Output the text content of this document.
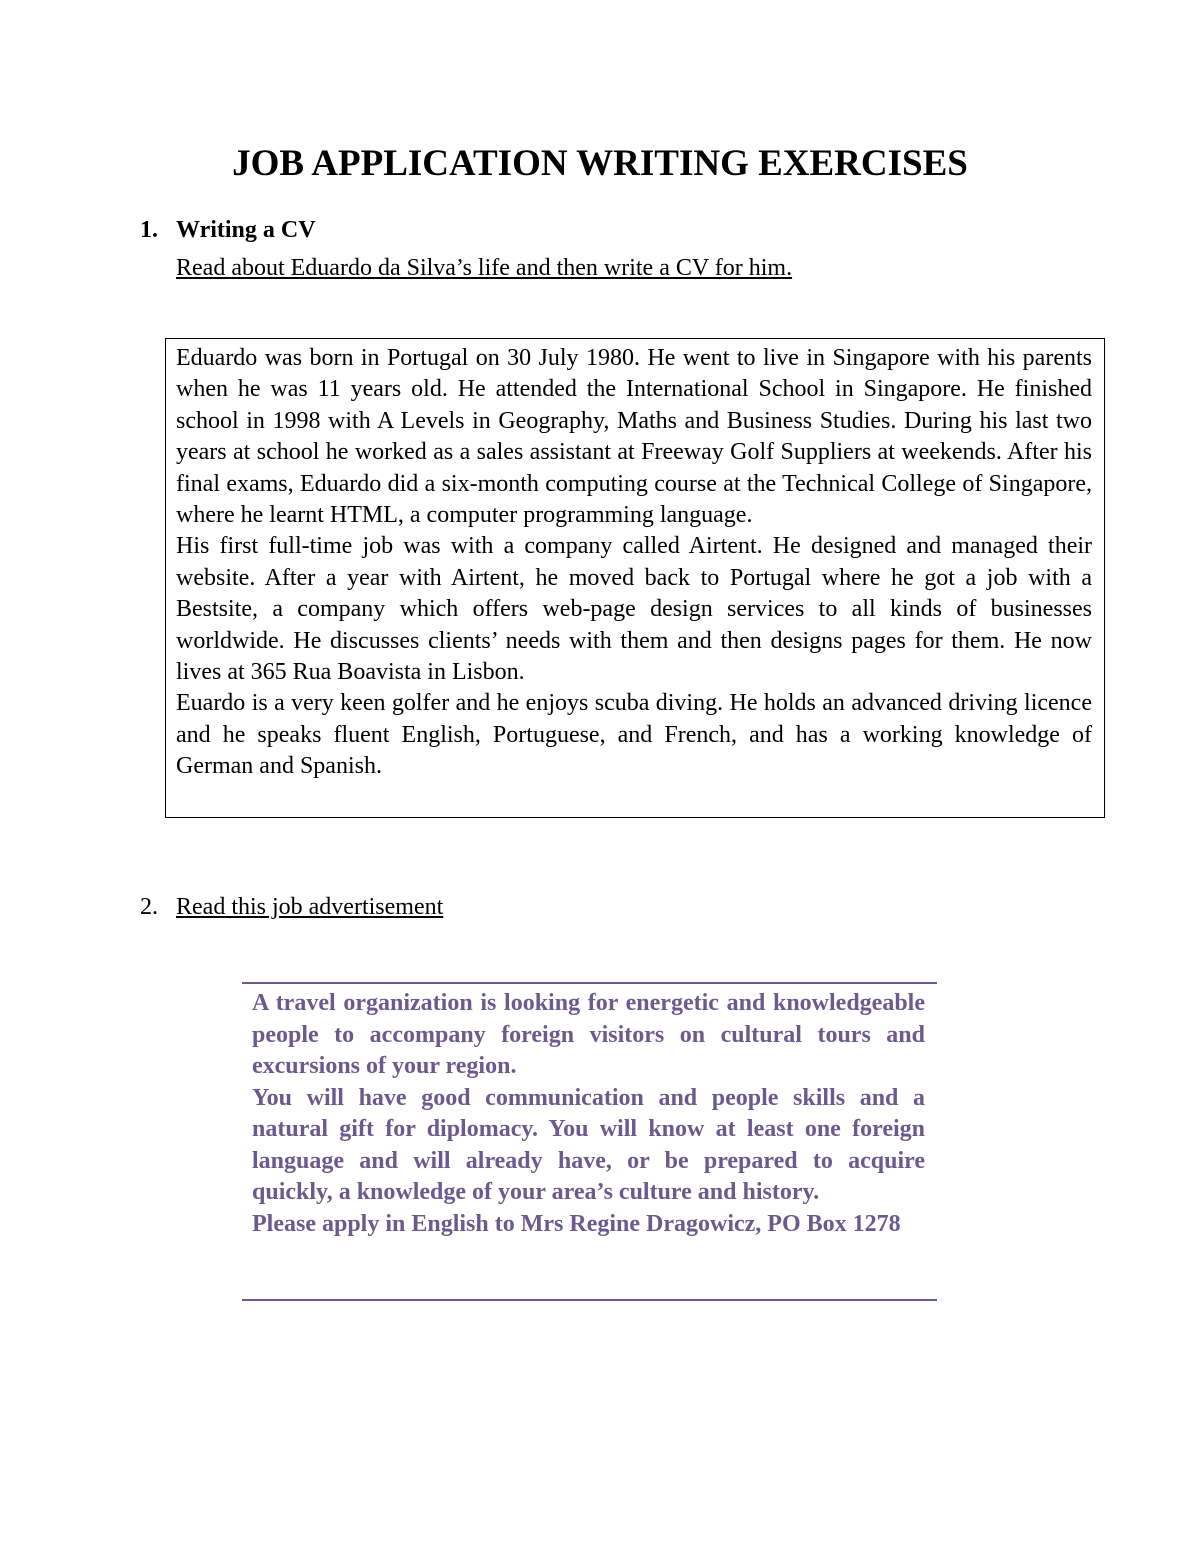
JOB APPLICATION WRITING EXERCISES
1. Writing a CV
Read about Eduardo da Silva’s life and then write a CV for him.

Eduardo was born in Portugal on 30 July 1980. He went to live in Singapore with his parents when he was 11 years old. He attended the International School in Singapore. He finished school in 1998 with A Levels in Geography, Maths and Business Studies. During his last two years at school he worked as a sales assistant at Freeway Golf Suppliers at weekends. After his final exams, Eduardo did a six-month computing course at the Technical College of Singapore, where he learnt HTML, a computer programming language.

His first full-time job was with a company called Airtent. He designed and managed their website. After a year with Airtent, he moved back to Portugal where he got a job with a Bestsite, a company which offers web-page design services to all kinds of businesses worldwide. He discusses clients’ needs with them and then designs pages for them. He now lives at 365 Rua Boavista in Lisbon.

Euardo is a very keen golfer and he enjoys scuba diving. He holds an advanced driving licence and he speaks fluent English, Portuguese, and French, and has a working knowledge of German and Spanish.

2. Read this job advertisement

A travel organization is looking for energetic and knowledgeable people to accompany foreign visitors on cultural tours and excursions of your region.

You will have good communication and people skills and a natural gift for diplomacy. You will know at least one foreign language and will already have, or be prepared to acquire quickly, a knowledge of your area’s culture and history.

Please apply in English to Mrs Regine Dragowicz, PO Box 1278
